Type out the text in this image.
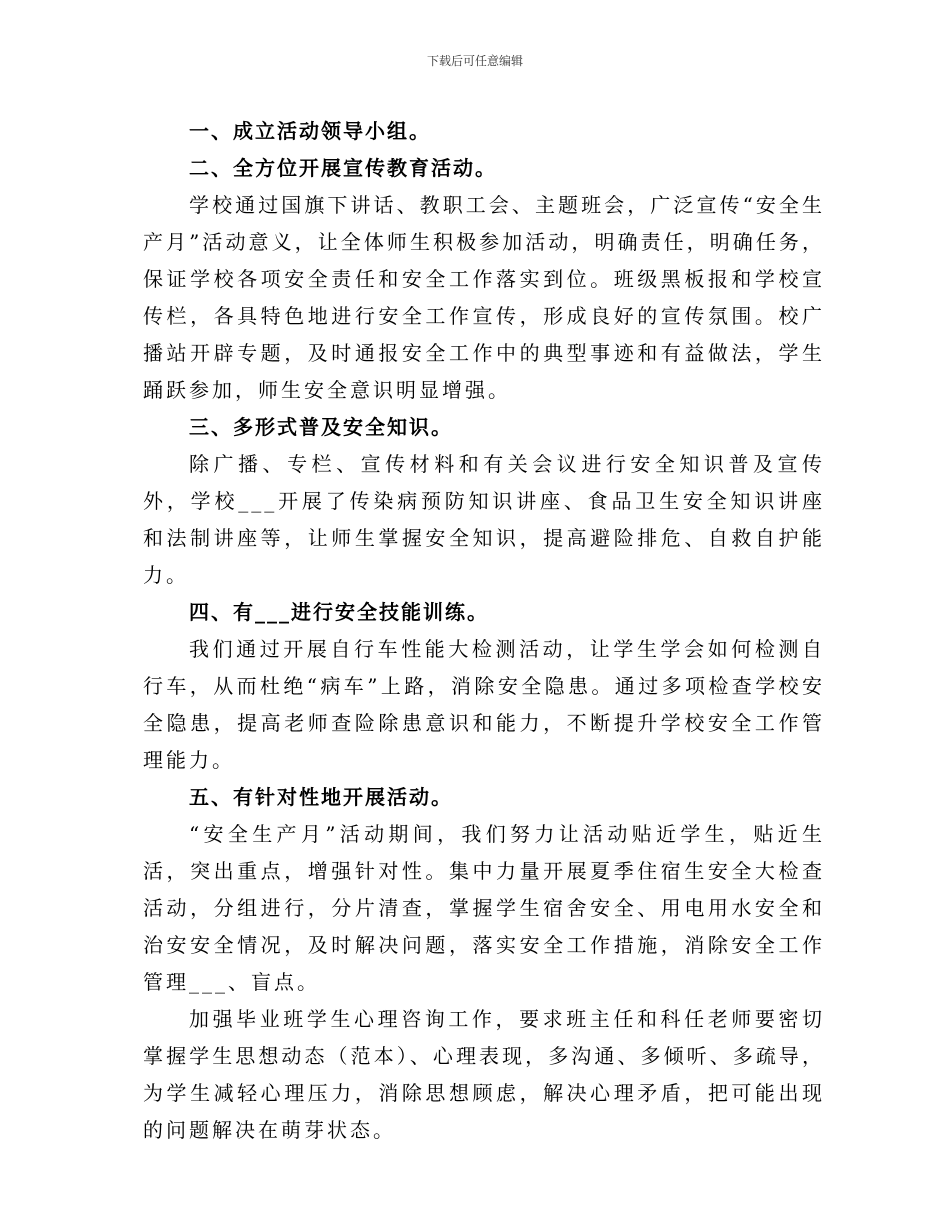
下载后可任意编辑

一、成立活动领导小组。

二、全方位开展宣传教育活动。

学校通过国旗下讲话、教职工会、主题班会，广泛宣传“安全生产月”活动意义，让全体师生积极参加活动，明确责任，明确任务，保证学校各项安全责任和安全工作落实到位。班级黑板报和学校宣传栏，各具特色地进行安全工作宣传，形成良好的宣传氛围。校广播站开辟专题，及时通报安全工作中的典型事迹和有益做法，学生踊跃参加，师生安全意识明显增强。

三、多形式普及安全知识。

除广播、专栏、宣传材料和有关会议进行安全知识普及宣传外，学校___开展了传染病预防知识讲座、食品卫生安全知识讲座和法制讲座等，让师生掌握安全知识，提高避险排危、自救自护能力。

四、有___进行安全技能训练。

我们通过开展自行车性能大检测活动，让学生学会如何检测自行车，从而杜绝“病车”上路，消除安全隐患。通过多项检查学校安全隐患，提高老师查险除患意识和能力，不断提升学校安全工作管理能力。

五、有针对性地开展活动。

“安全生产月”活动期间，我们努力让活动贴近学生，贴近生活，突出重点，增强针对性。集中力量开展夏季住宿生安全大检查活动，分组进行，分片清查，掌握学生宿舍安全、用电用水安全和治安安全情况，及时解决问题，落实安全工作措施，消除安全工作管理___、盲点。

加强毕业班学生心理咨询工作，要求班主任和科任老师要密切掌握学生思想动态（范本）、心理表现，多沟通、多倾听、多疏导，为学生减轻心理压力，消除思想顾虑，解决心理矛盾，把可能出现的问题解决在萌芽状态。
